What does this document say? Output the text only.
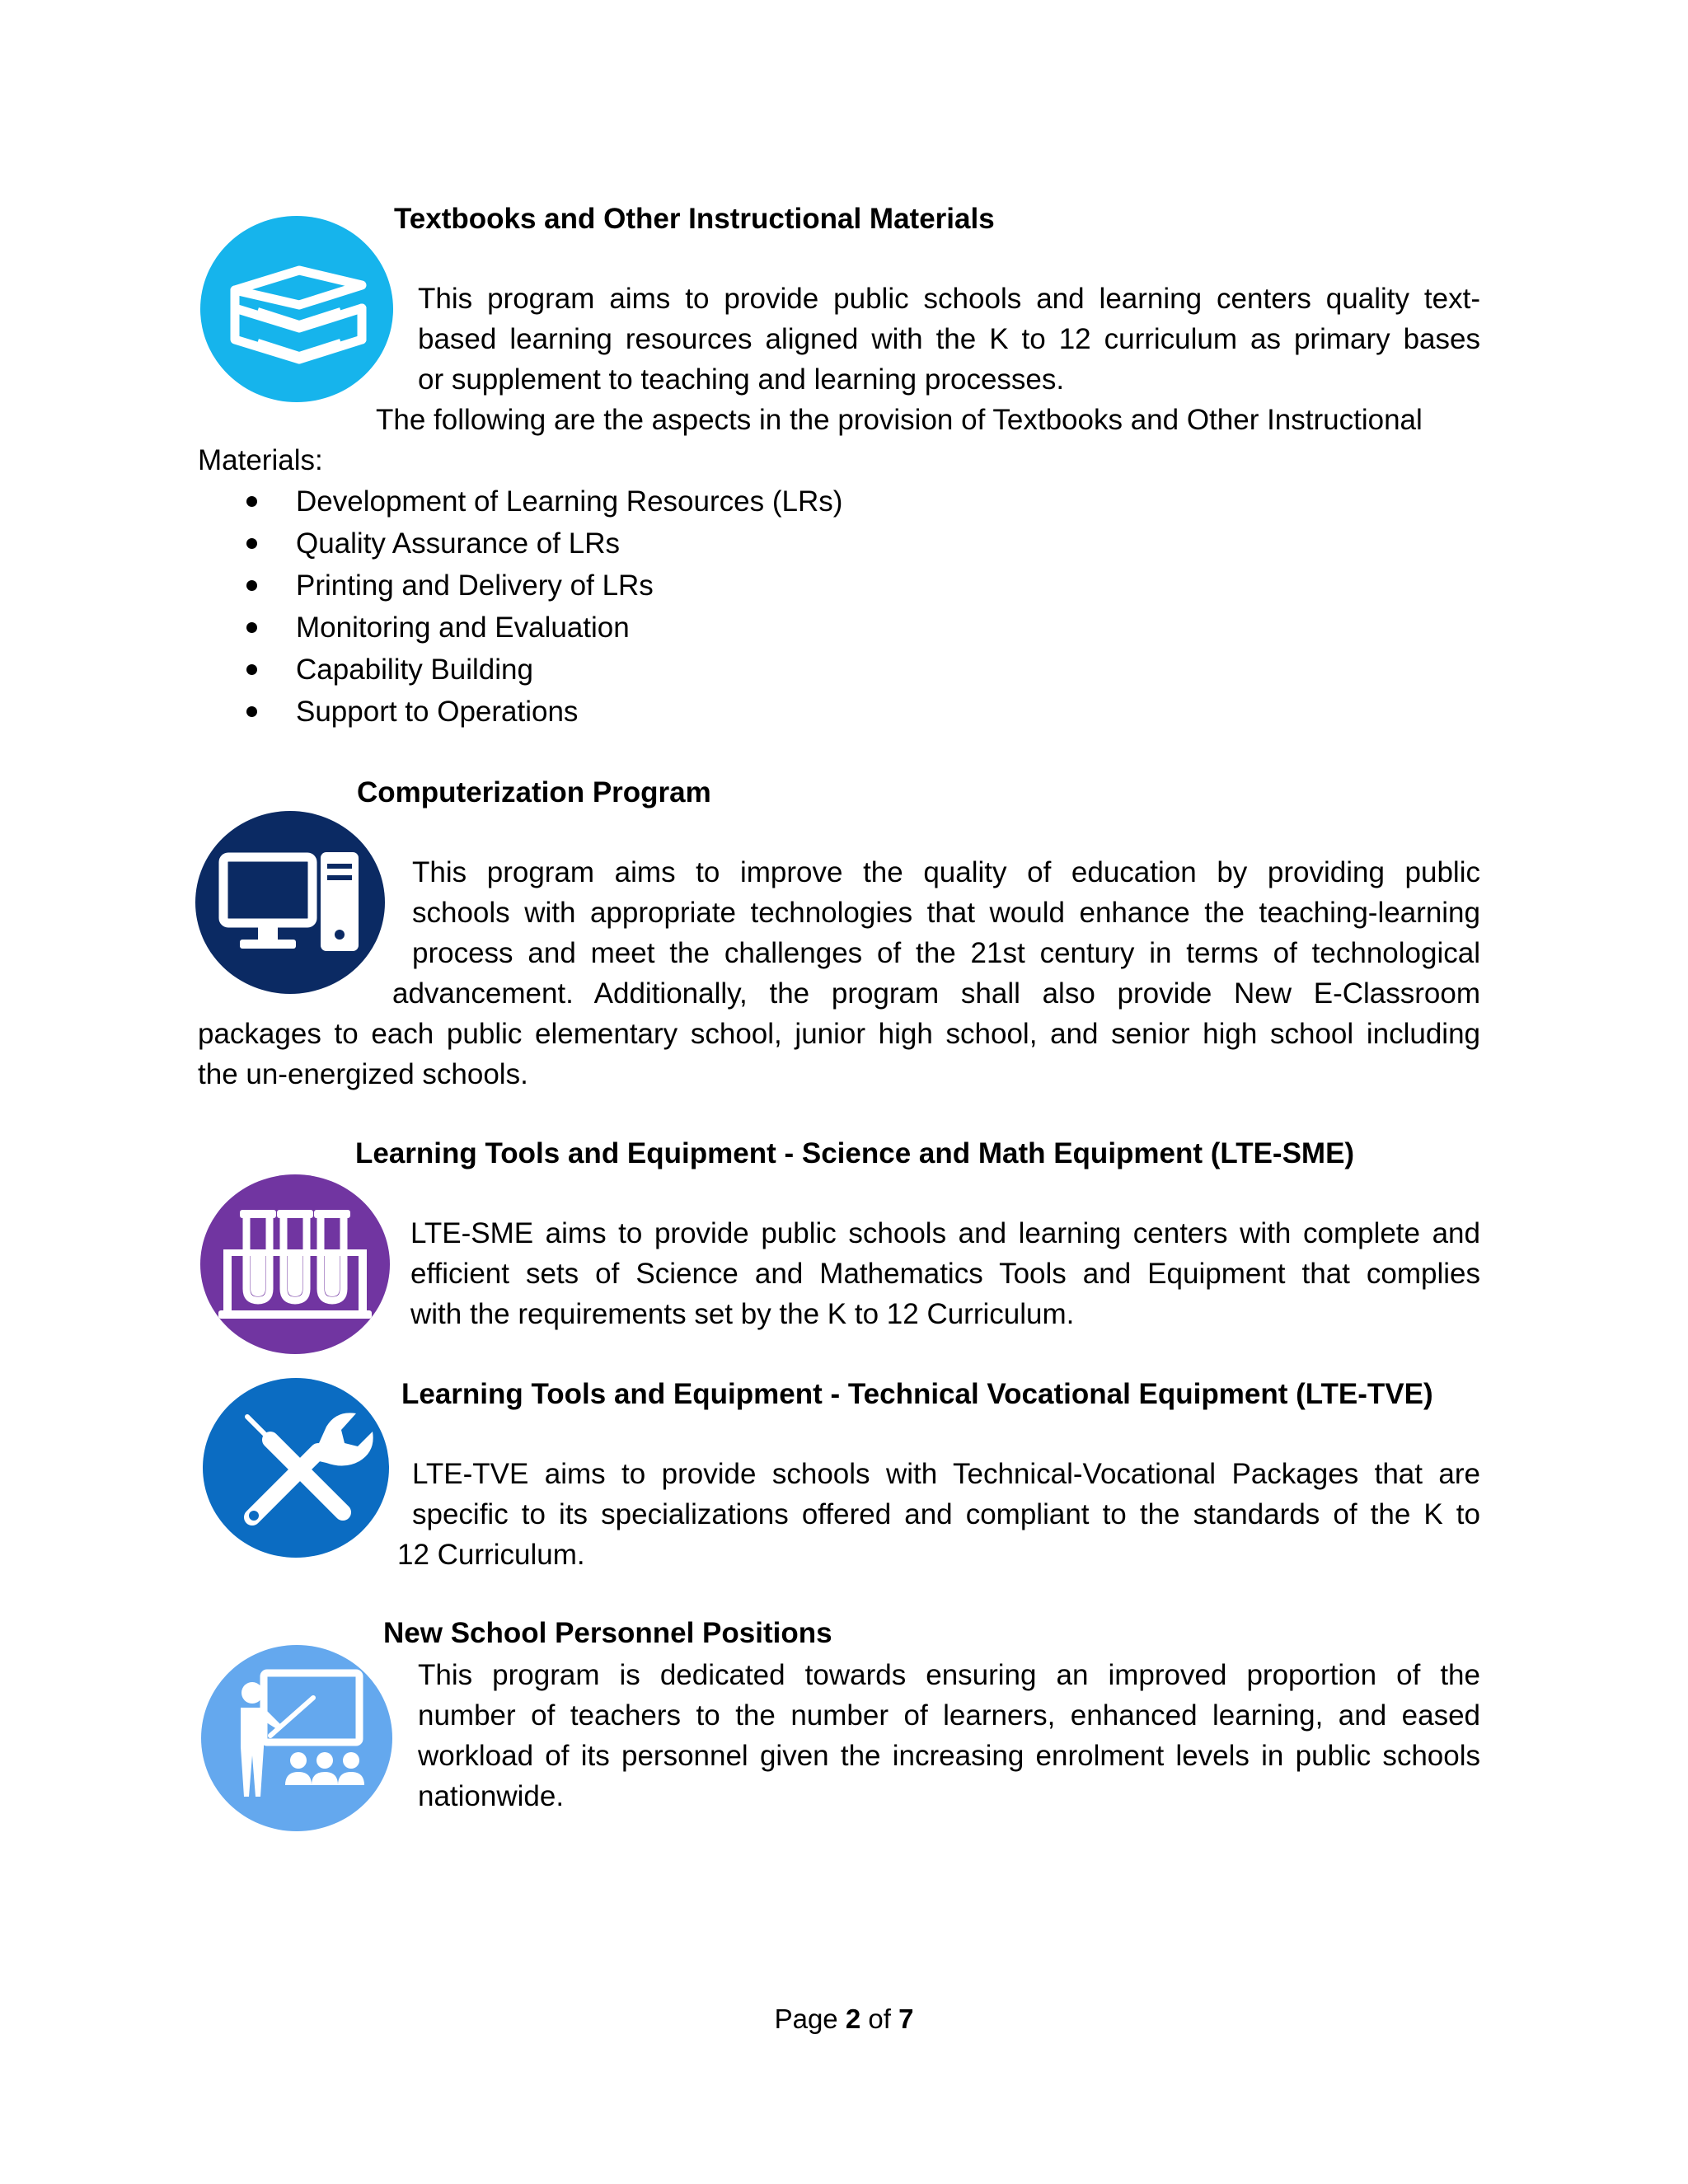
Textbooks and Other Instructional Materials
This program aims to provide public schools and learning centers quality text-
based learning resources aligned with the K to 12 curriculum as primary bases
or supplement to teaching and learning processes.
The following are the aspects in the provision of Textbooks and Other Instructional
Materials:
Development of Learning Resources (LRs)
Quality Assurance of LRs
Printing and Delivery of LRs
Monitoring and Evaluation
Capability Building
Support to Operations
Computerization Program
This program aims to improve the quality of education by providing public
schools with appropriate technologies that would enhance the teaching-learning
process and meet the challenges of the 21st century in terms of technological
advancement. Additionally, the program shall also provide New E-Classroom
packages to each public elementary school, junior high school, and senior high school including
the un-energized schools.
Learning Tools and Equipment - Science and Math Equipment (LTE-SME)
LTE-SME aims to provide public schools and learning centers with complete and
efficient sets of Science and Mathematics Tools and Equipment that complies
with the requirements set by the K to 12 Curriculum.
Learning Tools and Equipment - Technical Vocational Equipment (LTE-TVE)
LTE-TVE aims to provide schools with Technical-Vocational Packages that are
specific to its specializations offered and compliant to the standards of the K to
12 Curriculum.
New School Personnel Positions
This program is dedicated towards ensuring an improved proportion of the
number of teachers to the number of learners, enhanced learning, and eased
workload of its personnel given the increasing enrolment levels in public schools
nationwide.
Page 2 of 7
